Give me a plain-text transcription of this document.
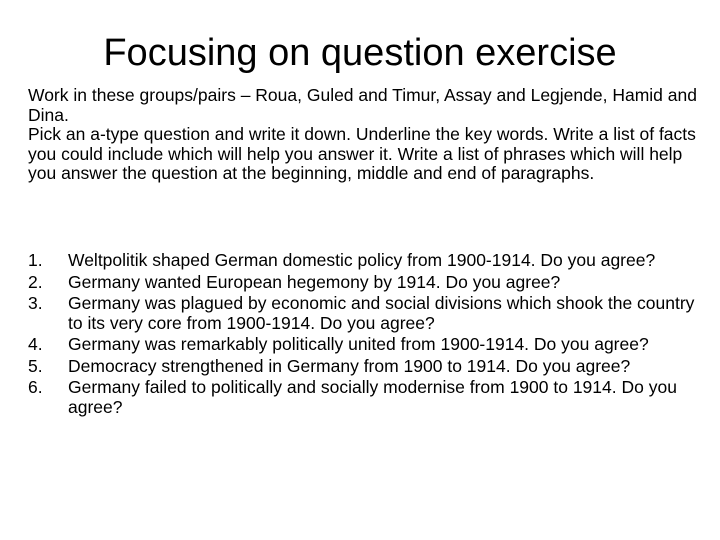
Focusing on question exercise

Work in these groups/pairs – Roua, Guled and Timur, Assay and Legjende, Hamid and Dina.

Pick an a-type question and write it down. Underline the key words. Write a list of facts you could include which will help you answer it. Write a list of phrases which will help you answer the question at the beginning, middle and end of paragraphs.

1.	Weltpolitik shaped German domestic policy from 1900-1914. Do you agree?
2.	Germany wanted European hegemony by 1914. Do you agree?
3.	Germany was plagued by economic and social divisions which shook the country to its very core from 1900-1914. Do you agree?
4.	Germany was remarkably politically united from 1900-1914. Do you agree?
5.	Democracy strengthened in Germany from 1900 to 1914. Do you agree?
6.	Germany failed to politically and socially modernise from 1900 to 1914. Do you agree?
